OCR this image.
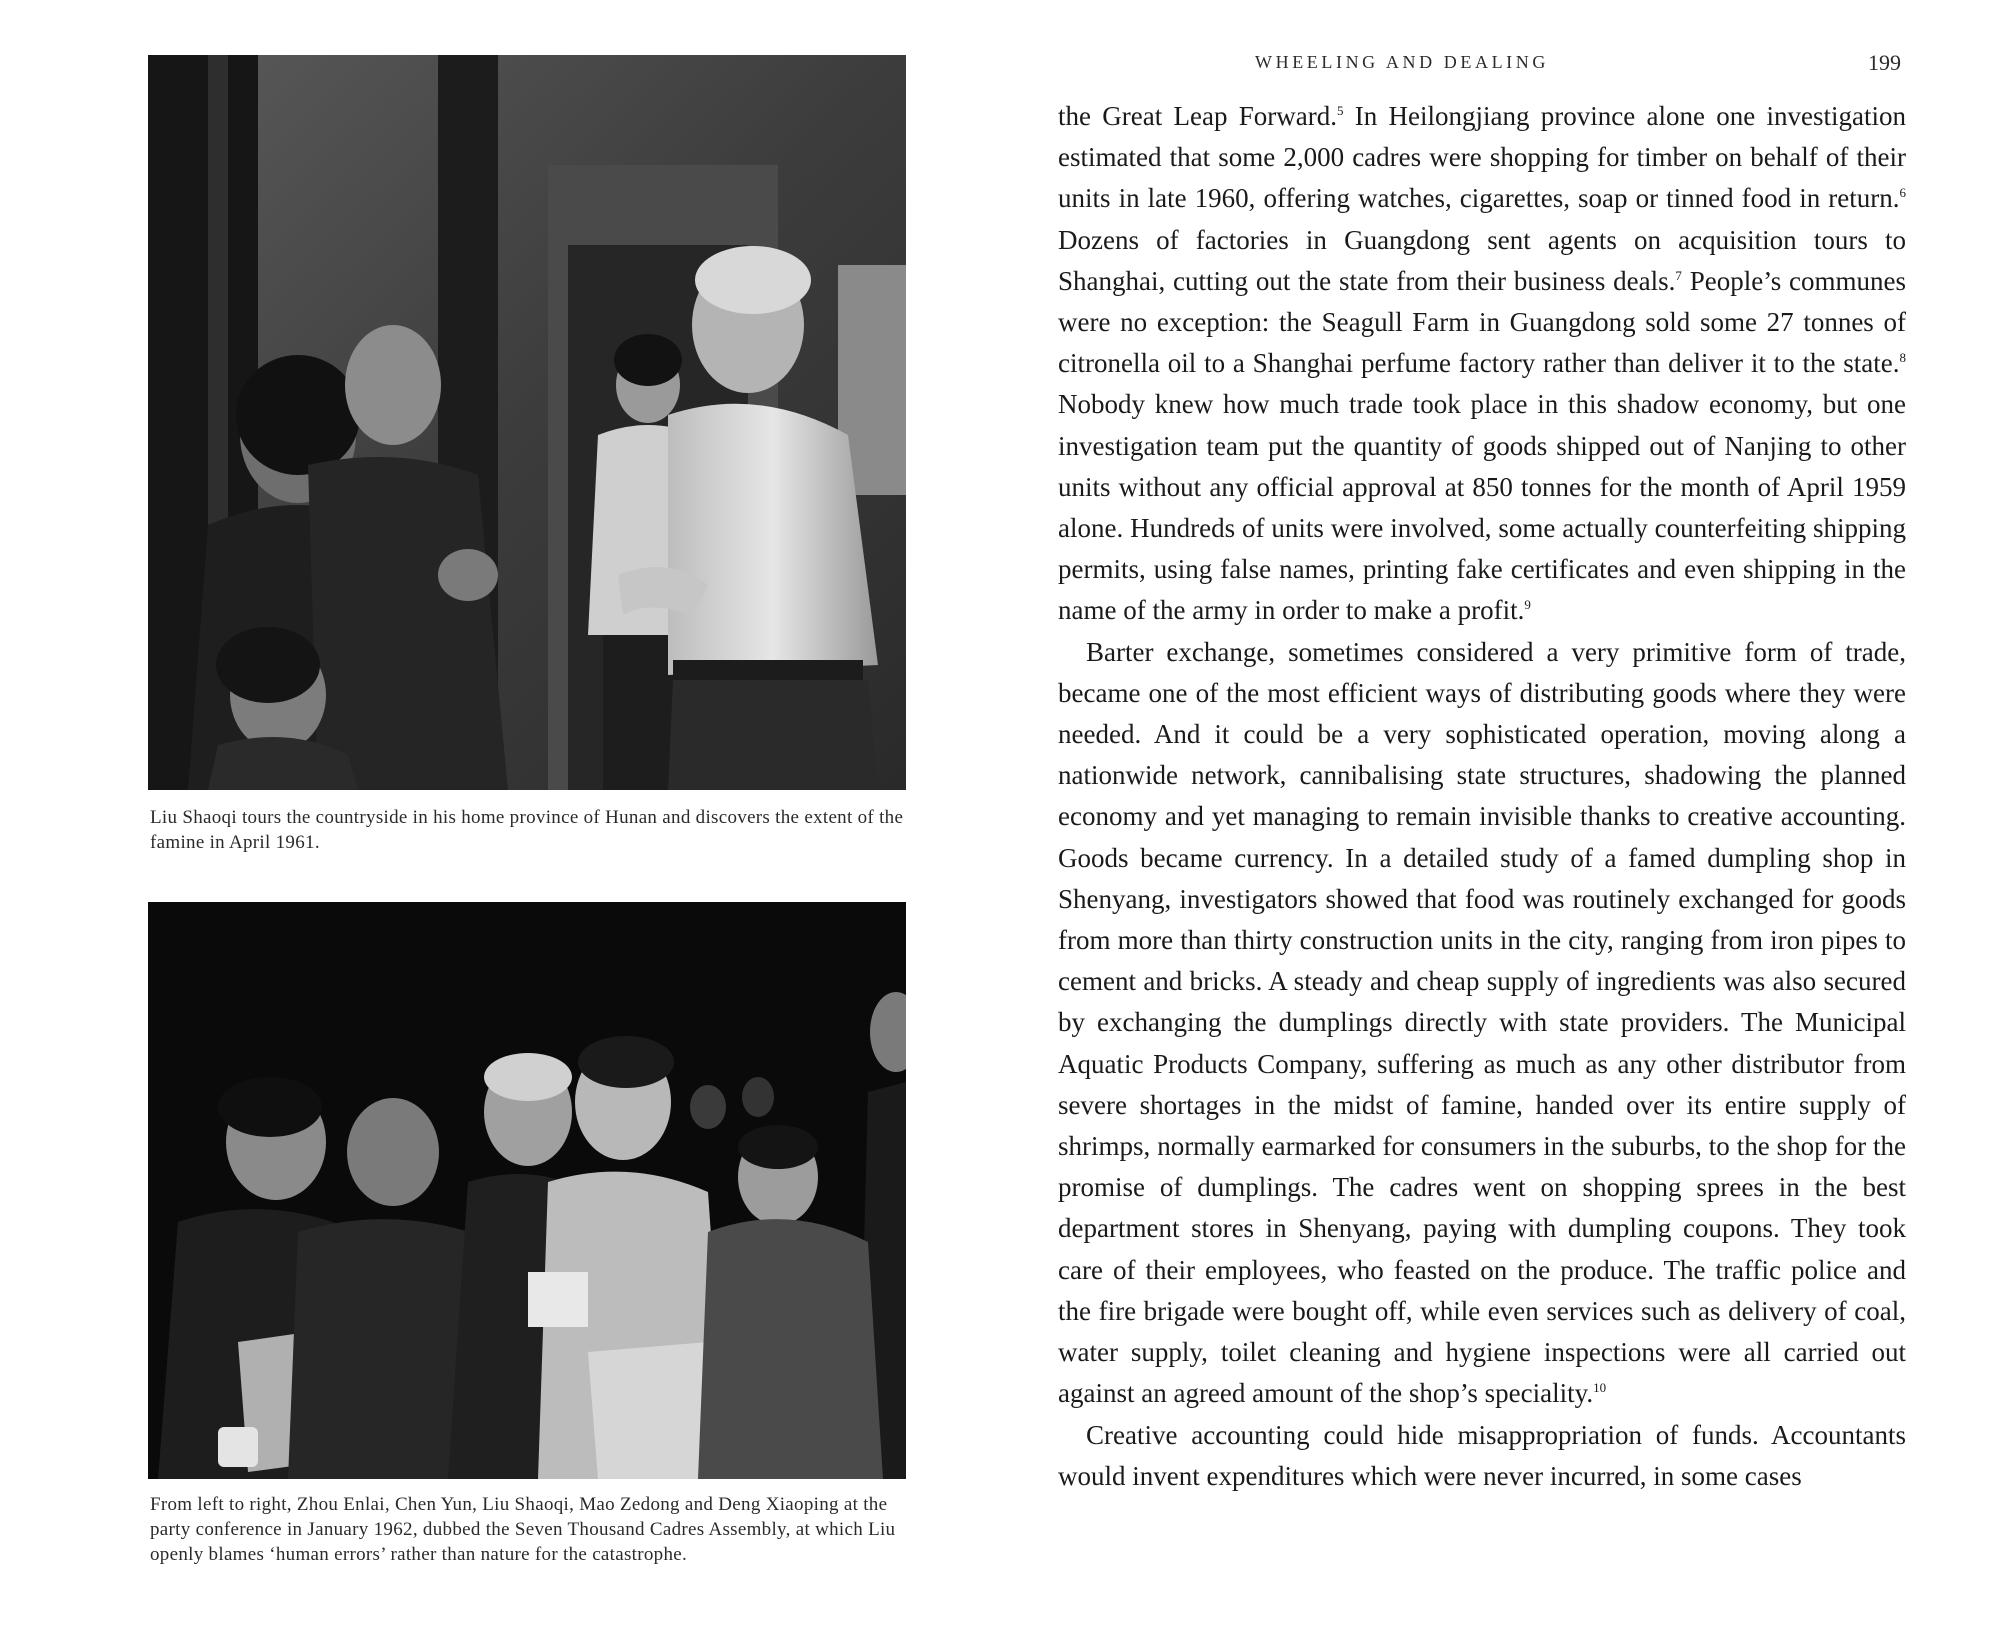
Liu Shaoqi tours the countryside in his home province of Hunan and discovers the extent of the famine in April 1961.
From left to right, Zhou Enlai, Chen Yun, Liu Shaoqi, Mao Zedong and Deng Xiaoping at the party conference in January 1962, dubbed the Seven Thousand Cadres Assembly, at which Liu openly blames ‘human errors’ rather than nature for the catastrophe.
WHEELING AND DEALING	199

the Great Leap Forward.$^5$ In Heilongjiang province alone one investigation estimated that some 2,000 cadres were shopping for timber on behalf of their units in late 1960, offering watches, cigarettes, soap or tinned food in return.$^6$ Dozens of factories in Guangdong sent agents on acquisition tours to Shanghai, cutting out the state from their business deals.$^7$ People’s communes were no exception: the Seagull Farm in Guangdong sold some 27 tonnes of citronella oil to a Shanghai perfume factory rather than deliver it to the state.$^8$ Nobody knew how much trade took place in this shadow economy, but one investigation team put the quantity of goods shipped out of Nanjing to other units without any official approval at 850 tonnes for the month of April 1959 alone. Hundreds of units were involved, some actually counterfeiting shipping permits, using false names, printing fake certificates and even shipping in the name of the army in order to make a profit.$^9$

Barter exchange, sometimes considered a very primitive form of trade, became one of the most efficient ways of distributing goods where they were needed. And it could be a very sophisticated operation, moving along a nationwide network, cannibalising state structures, shadowing the planned economy and yet managing to remain invisible thanks to creative accounting. Goods became currency. In a detailed study of a famed dumpling shop in Shenyang, investigators showed that food was routinely exchanged for goods from more than thirty construction units in the city, ranging from iron pipes to cement and bricks. A steady and cheap supply of ingredients was also secured by exchanging the dumplings directly with state providers. The Municipal Aquatic Products Company, suffering as much as any other distributor from severe shortages in the midst of famine, handed over its entire supply of shrimps, normally earmarked for consumers in the suburbs, to the shop for the promise of dumplings. The cadres went on shopping sprees in the best department stores in Shenyang, paying with dumpling coupons. They took care of their employees, who feasted on the produce. The traffic police and the fire brigade were bought off, while even services such as delivery of coal, water supply, toilet cleaning and hygiene inspections were all carried out against an agreed amount of the shop’s speciality.$^{10}$

Creative accounting could hide misappropriation of funds. Accountants would invent expenditures which were never incurred, in some cases
